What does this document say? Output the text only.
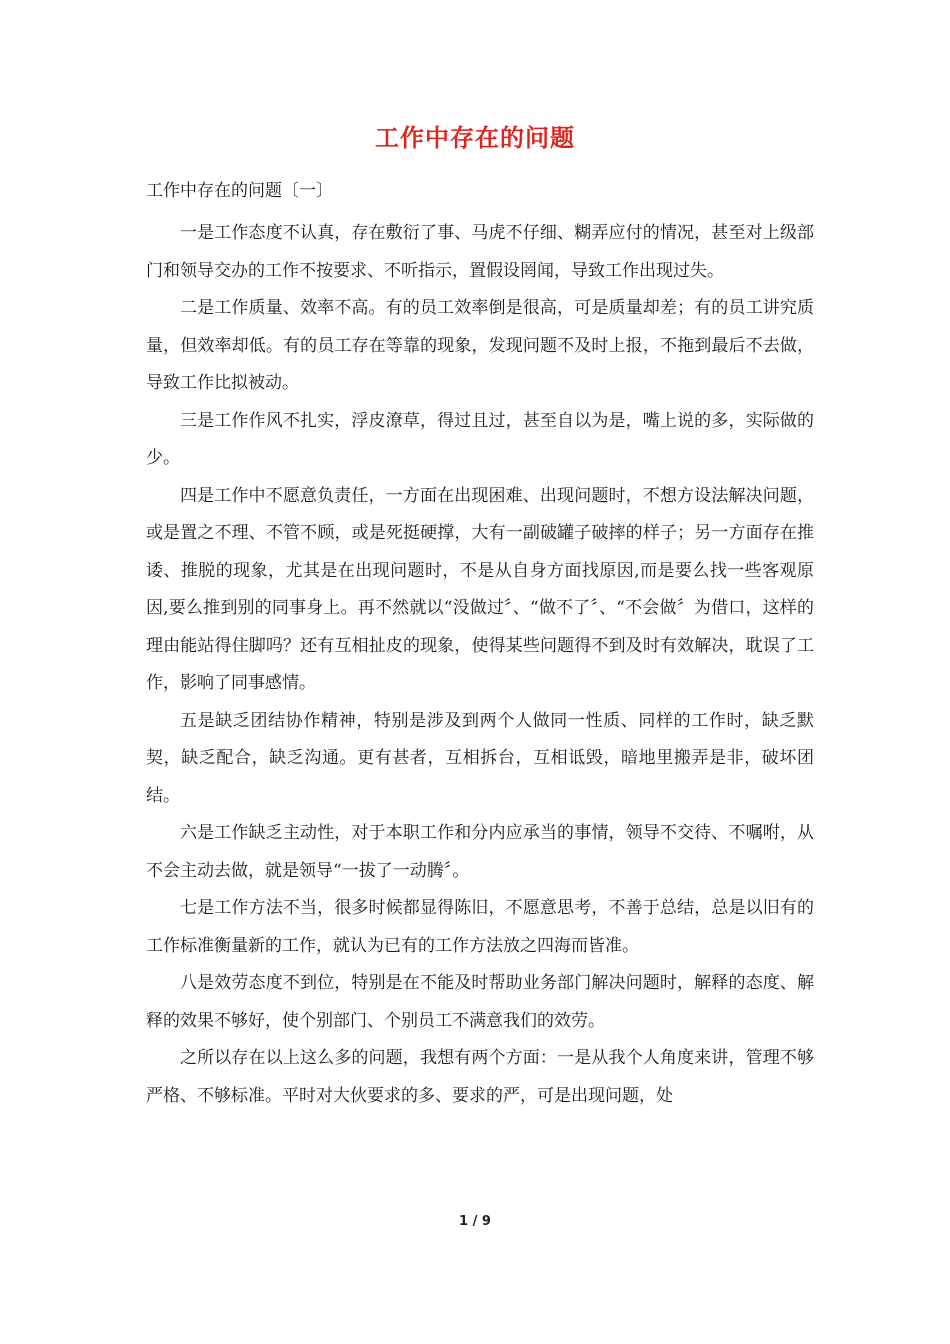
工作中存在的问题

工作中存在的问题〔一〕

一是工作态度不认真，存在敷衍了事、马虎不仔细、糊弄应付的情况，甚至对上级部门和领导交办的工作不按要求、不听指示，置假设罔闻，导致工作出现过失。

二是工作质量、效率不高。有的员工效率倒是很高，可是质量却差；有的员工讲究质量，但效率却低。有的员工存在等靠的现象，发现问题不及时上报，不拖到最后不去做，导致工作比拟被动。

三是工作作风不扎实，浮皮潦草，得过且过，甚至自以为是，嘴上说的多，实际做的少。

四是工作中不愿意负责任，一方面在出现困难、出现问题时，不想方设法解决问题，或是置之不理、不管不顾，或是死挺硬撑，大有一副破罐子破摔的样子；另一方面存在推诿、推脱的现象，尤其是在出现问题时，不是从自身方面找原因,而是要么找一些客观原因,要么推到别的同事身上。再不然就以“没做过〞、“做不了〞、“不会做〞为借口，这样的理由能站得住脚吗？还有互相扯皮的现象，使得某些问题得不到及时有效解决，耽误了工作，影响了同事感情。

五是缺乏团结协作精神，特别是涉及到两个人做同一性质、同样的工作时，缺乏默契，缺乏配合，缺乏沟通。更有甚者，互相拆台，互相诋毁，暗地里搬弄是非，破坏团结。

六是工作缺乏主动性，对于本职工作和分内应承当的事情，领导不交待、不嘱咐，从不会主动去做，就是领导“一拔了一动腾〞。

七是工作方法不当，很多时候都显得陈旧，不愿意思考，不善于总结，总是以旧有的工作标准衡量新的工作，就认为已有的工作方法放之四海而皆准。

八是效劳态度不到位，特别是在不能及时帮助业务部门解决问题时，解释的态度、解释的效果不够好，使个别部门、个别员工不满意我们的效劳。

之所以存在以上这么多的问题，我想有两个方面：一是从我个人角度来讲，管理不够严格、不够标准。平时对大伙要求的多、要求的严，可是出现问题，处

1 / 9
